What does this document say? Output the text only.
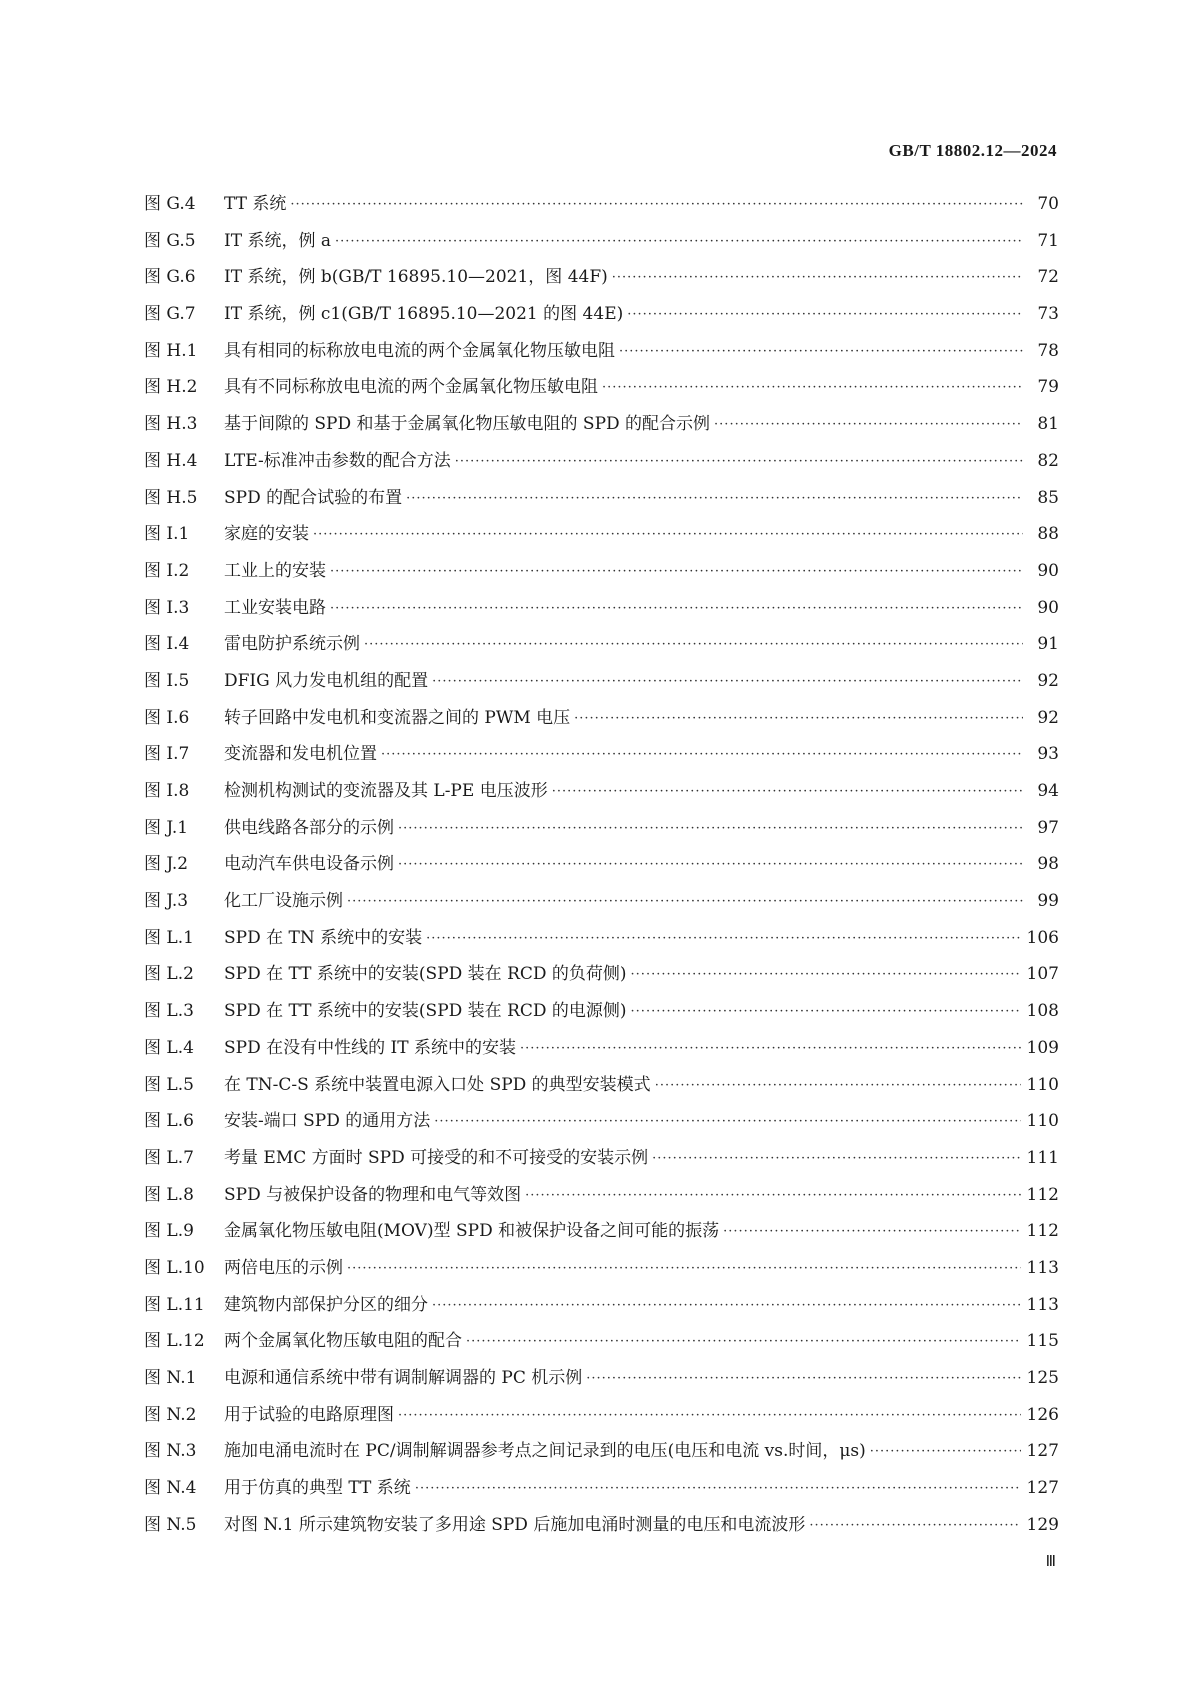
GB/T 18802.12—2024
图 G.4	TT 系统 ·····	70
图 G.5	IT 系统，例 a ·····	71
图 G.6	IT 系统，例 b(GB/T 16895.10—2021，图 44F) ·····	72
图 G.7	IT 系统，例 c1(GB/T 16895.10—2021 的图 44E) ·····	73
图 H.1	具有相同的标称放电电流的两个金属氧化物压敏电阻 ·····	78
图 H.2	具有不同标称放电电流的两个金属氧化物压敏电阻 ·····	79
图 H.3	基于间隙的 SPD 和基于金属氧化物压敏电阻的 SPD 的配合示例 ·····	81
图 H.4	LTE-标准冲击参数的配合方法 ·····	82
图 H.5	SPD 的配合试验的布置 ·····	85
图 I.1	家庭的安装 ·····	88
图 I.2	工业上的安装 ·····	90
图 I.3	工业安装电路 ·····	90
图 I.4	雷电防护系统示例 ·····	91
图 I.5	DFIG 风力发电机组的配置 ·····	92
图 I.6	转子回路中发电机和变流器之间的 PWM 电压 ·····	92
图 I.7	变流器和发电机位置 ·····	93
图 I.8	检测机构测试的变流器及其 L-PE 电压波形 ·····	94
图 J.1	供电线路各部分的示例 ·····	97
图 J.2	电动汽车供电设备示例 ·····	98
图 J.3	化工厂设施示例 ·····	99
图 L.1	SPD 在 TN 系统中的安装 ·····	106
图 L.2	SPD 在 TT 系统中的安装(SPD 装在 RCD 的负荷侧) ·····	107
图 L.3	SPD 在 TT 系统中的安装(SPD 装在 RCD 的电源侧) ·····	108
图 L.4	SPD 在没有中性线的 IT 系统中的安装 ·····	109
图 L.5	在 TN-C-S 系统中装置电源入口处 SPD 的典型安装模式 ·····	110
图 L.6	安装-端口 SPD 的通用方法 ·····	110
图 L.7	考量 EMC 方面时 SPD 可接受的和不可接受的安装示例 ·····	111
图 L.8	SPD 与被保护设备的物理和电气等效图 ·····	112
图 L.9	金属氧化物压敏电阻(MOV)型 SPD 和被保护设备之间可能的振荡 ·····	112
图 L.10	两倍电压的示例 ·····	113
图 L.11	建筑物内部保护分区的细分 ·····	113
图 L.12	两个金属氧化物压敏电阻的配合 ·····	115
图 N.1	电源和通信系统中带有调制解调器的 PC 机示例 ·····	125
图 N.2	用于试验的电路原理图 ·····	126
图 N.3	施加电涌电流时在 PC/调制解调器参考点之间记录到的电压(电压和电流 vs.时间，μs) ·····	127
图 N.4	用于仿真的典型 TT 系统 ·····	127
图 N.5	对图 N.1 所示建筑物安装了多用途 SPD 后施加电涌时测量的电压和电流波形 ·····	129
Ⅲ
